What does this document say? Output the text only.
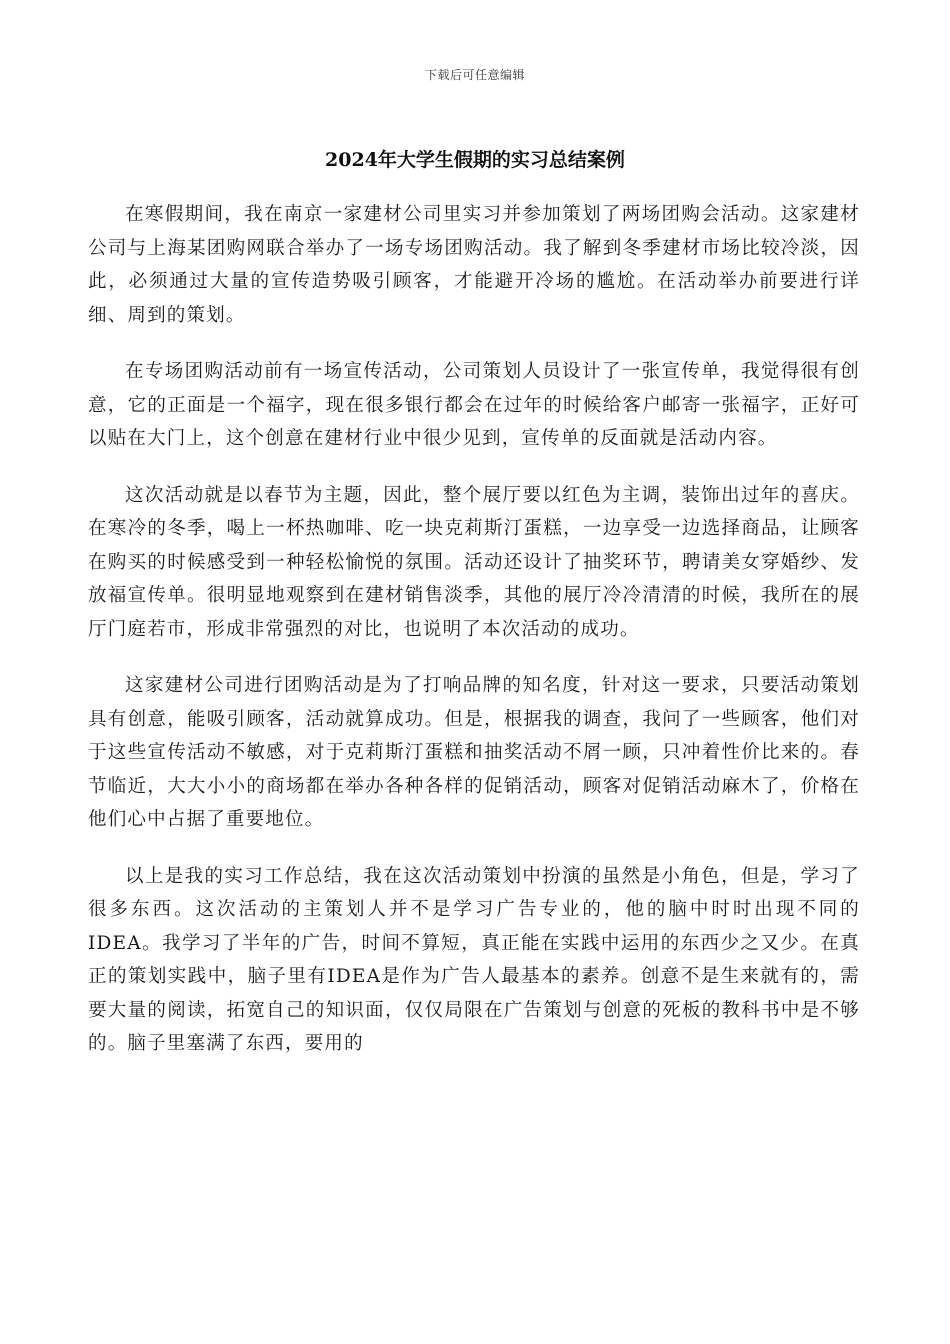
下载后可任意编辑
2024年大学生假期的实习总结案例

在寒假期间，我在南京一家建材公司里实习并参加策划了两场团购会活动。这家建材公司与上海某团购网联合举办了一场专场团购活动。我了解到冬季建材市场比较冷淡，因此，必须通过大量的宣传造势吸引顾客，才能避开冷场的尴尬。在活动举办前要进行详细、周到的策划。

在专场团购活动前有一场宣传活动，公司策划人员设计了一张宣传单，我觉得很有创意，它的正面是一个福字，现在很多银行都会在过年的时候给客户邮寄一张福字，正好可以贴在大门上，这个创意在建材行业中很少见到，宣传单的反面就是活动内容。

这次活动就是以春节为主题，因此，整个展厅要以红色为主调，装饰出过年的喜庆。在寒冷的冬季，喝上一杯热咖啡、吃一块克莉斯汀蛋糕，一边享受一边选择商品，让顾客在购买的时候感受到一种轻松愉悦的氛围。活动还设计了抽奖环节，聘请美女穿婚纱、发放福宣传单。很明显地观察到在建材销售淡季，其他的展厅冷冷清清的时候，我所在的展厅门庭若市，形成非常强烈的对比，也说明了本次活动的成功。

这家建材公司进行团购活动是为了打响品牌的知名度，针对这一要求，只要活动策划具有创意，能吸引顾客，活动就算成功。但是，根据我的调查，我问了一些顾客，他们对于这些宣传活动不敏感，对于克莉斯汀蛋糕和抽奖活动不屑一顾，只冲着性价比来的。春节临近，大大小小的商场都在举办各种各样的促销活动，顾客对促销活动麻木了，价格在他们心中占据了重要地位。

以上是我的实习工作总结，我在这次活动策划中扮演的虽然是小角色，但是，学习了很多东西。这次活动的主策划人并不是学习广告专业的，他的脑中时时出现不同的IDEA。我学习了半年的广告，时间不算短，真正能在实践中运用的东西少之又少。在真正的策划实践中，脑子里有IDEA是作为广告人最基本的素养。创意不是生来就有的，需要大量的阅读，拓宽自己的知识面，仅仅局限在广告策划与创意的死板的教科书中是不够的。脑子里塞满了东西，要用的
